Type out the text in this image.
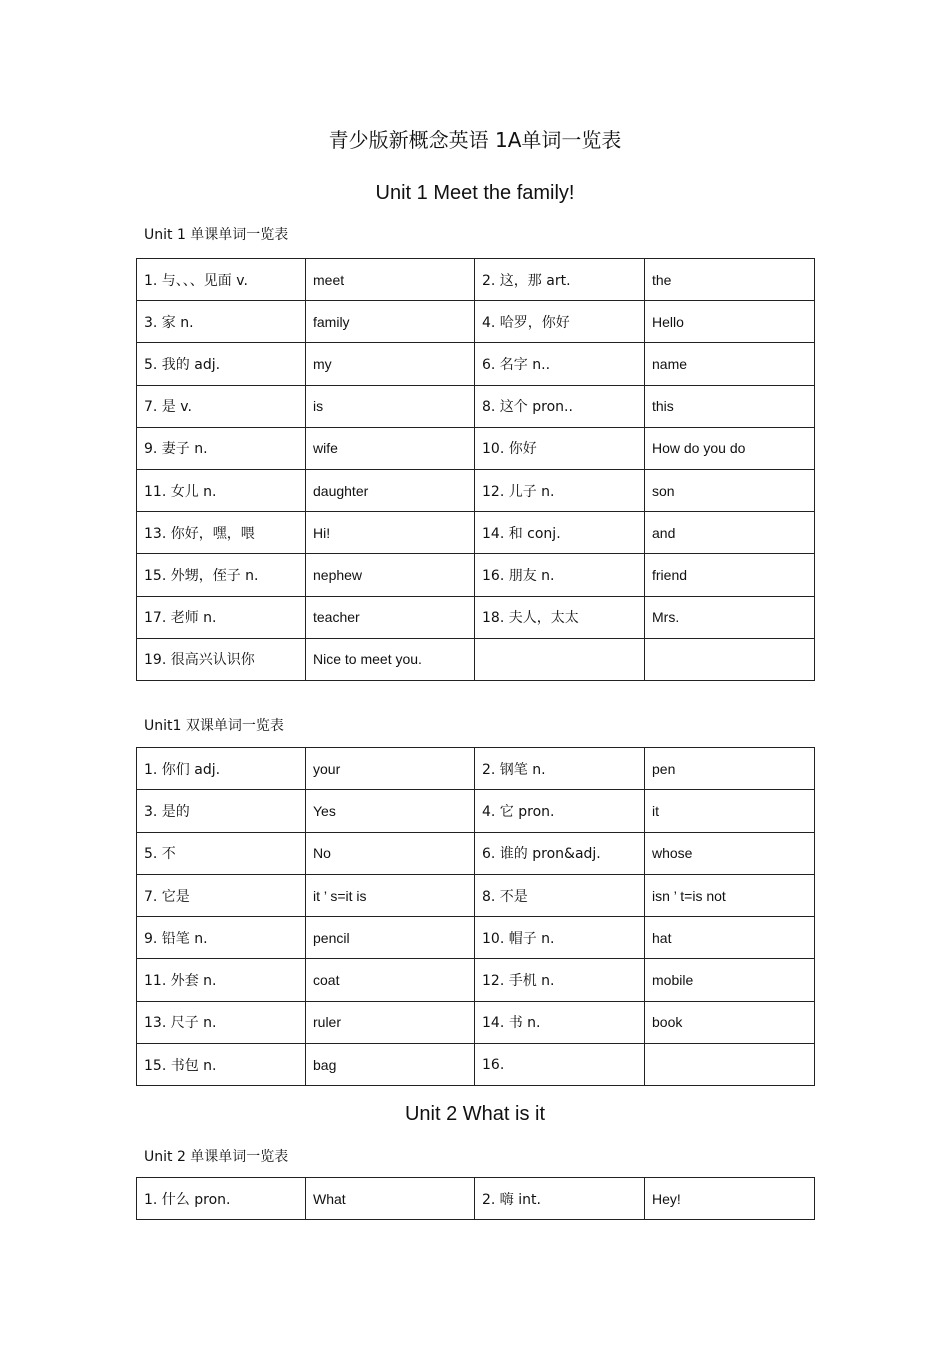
青少版新概念英语 1A单词一览表
Unit 1 Meet the family!
Unit 1 单课单词一览表
1. 与、、、见面 v.	meet	2. 这，那 art.	the
3. 家 n.	family	4. 哈罗，你好	Hello
5. 我的 adj.	my	6. 名字 n..	name
7. 是 v.	is	8. 这个 pron..	this
9. 妻子 n.	wife	10. 你好	How do you do
11. 女儿 n.	daughter	12. 儿子 n.	son
13. 你好，嘿，喂	Hi!	14. 和 conj.	and
15. 外甥，侄子 n.	nephew	16. 朋友 n.	friend
17. 老师 n.	teacher	18. 夫人，太太	Mrs.
19. 很高兴认识你	Nice to meet you.		
Unit1 双课单词一览表
1. 你们 adj.	your	2. 钢笔 n.	pen
3. 是的	Yes	4. 它 pron.	it
5. 不	No	6. 谁的 pron&adj.	whose
7. 它是	it ’ s=it is	8. 不是	isn ’ t=is not
9. 铅笔 n.	pencil	10. 帽子 n.	hat
11. 外套 n.	coat	12. 手机 n.	mobile
13. 尺子 n.	ruler	14. 书 n.	book
15. 书包 n.	bag	16.	
Unit 2 What is it
Unit 2 单课单词一览表
1. 什么 pron.	What	2. 嗨 int.	Hey!
